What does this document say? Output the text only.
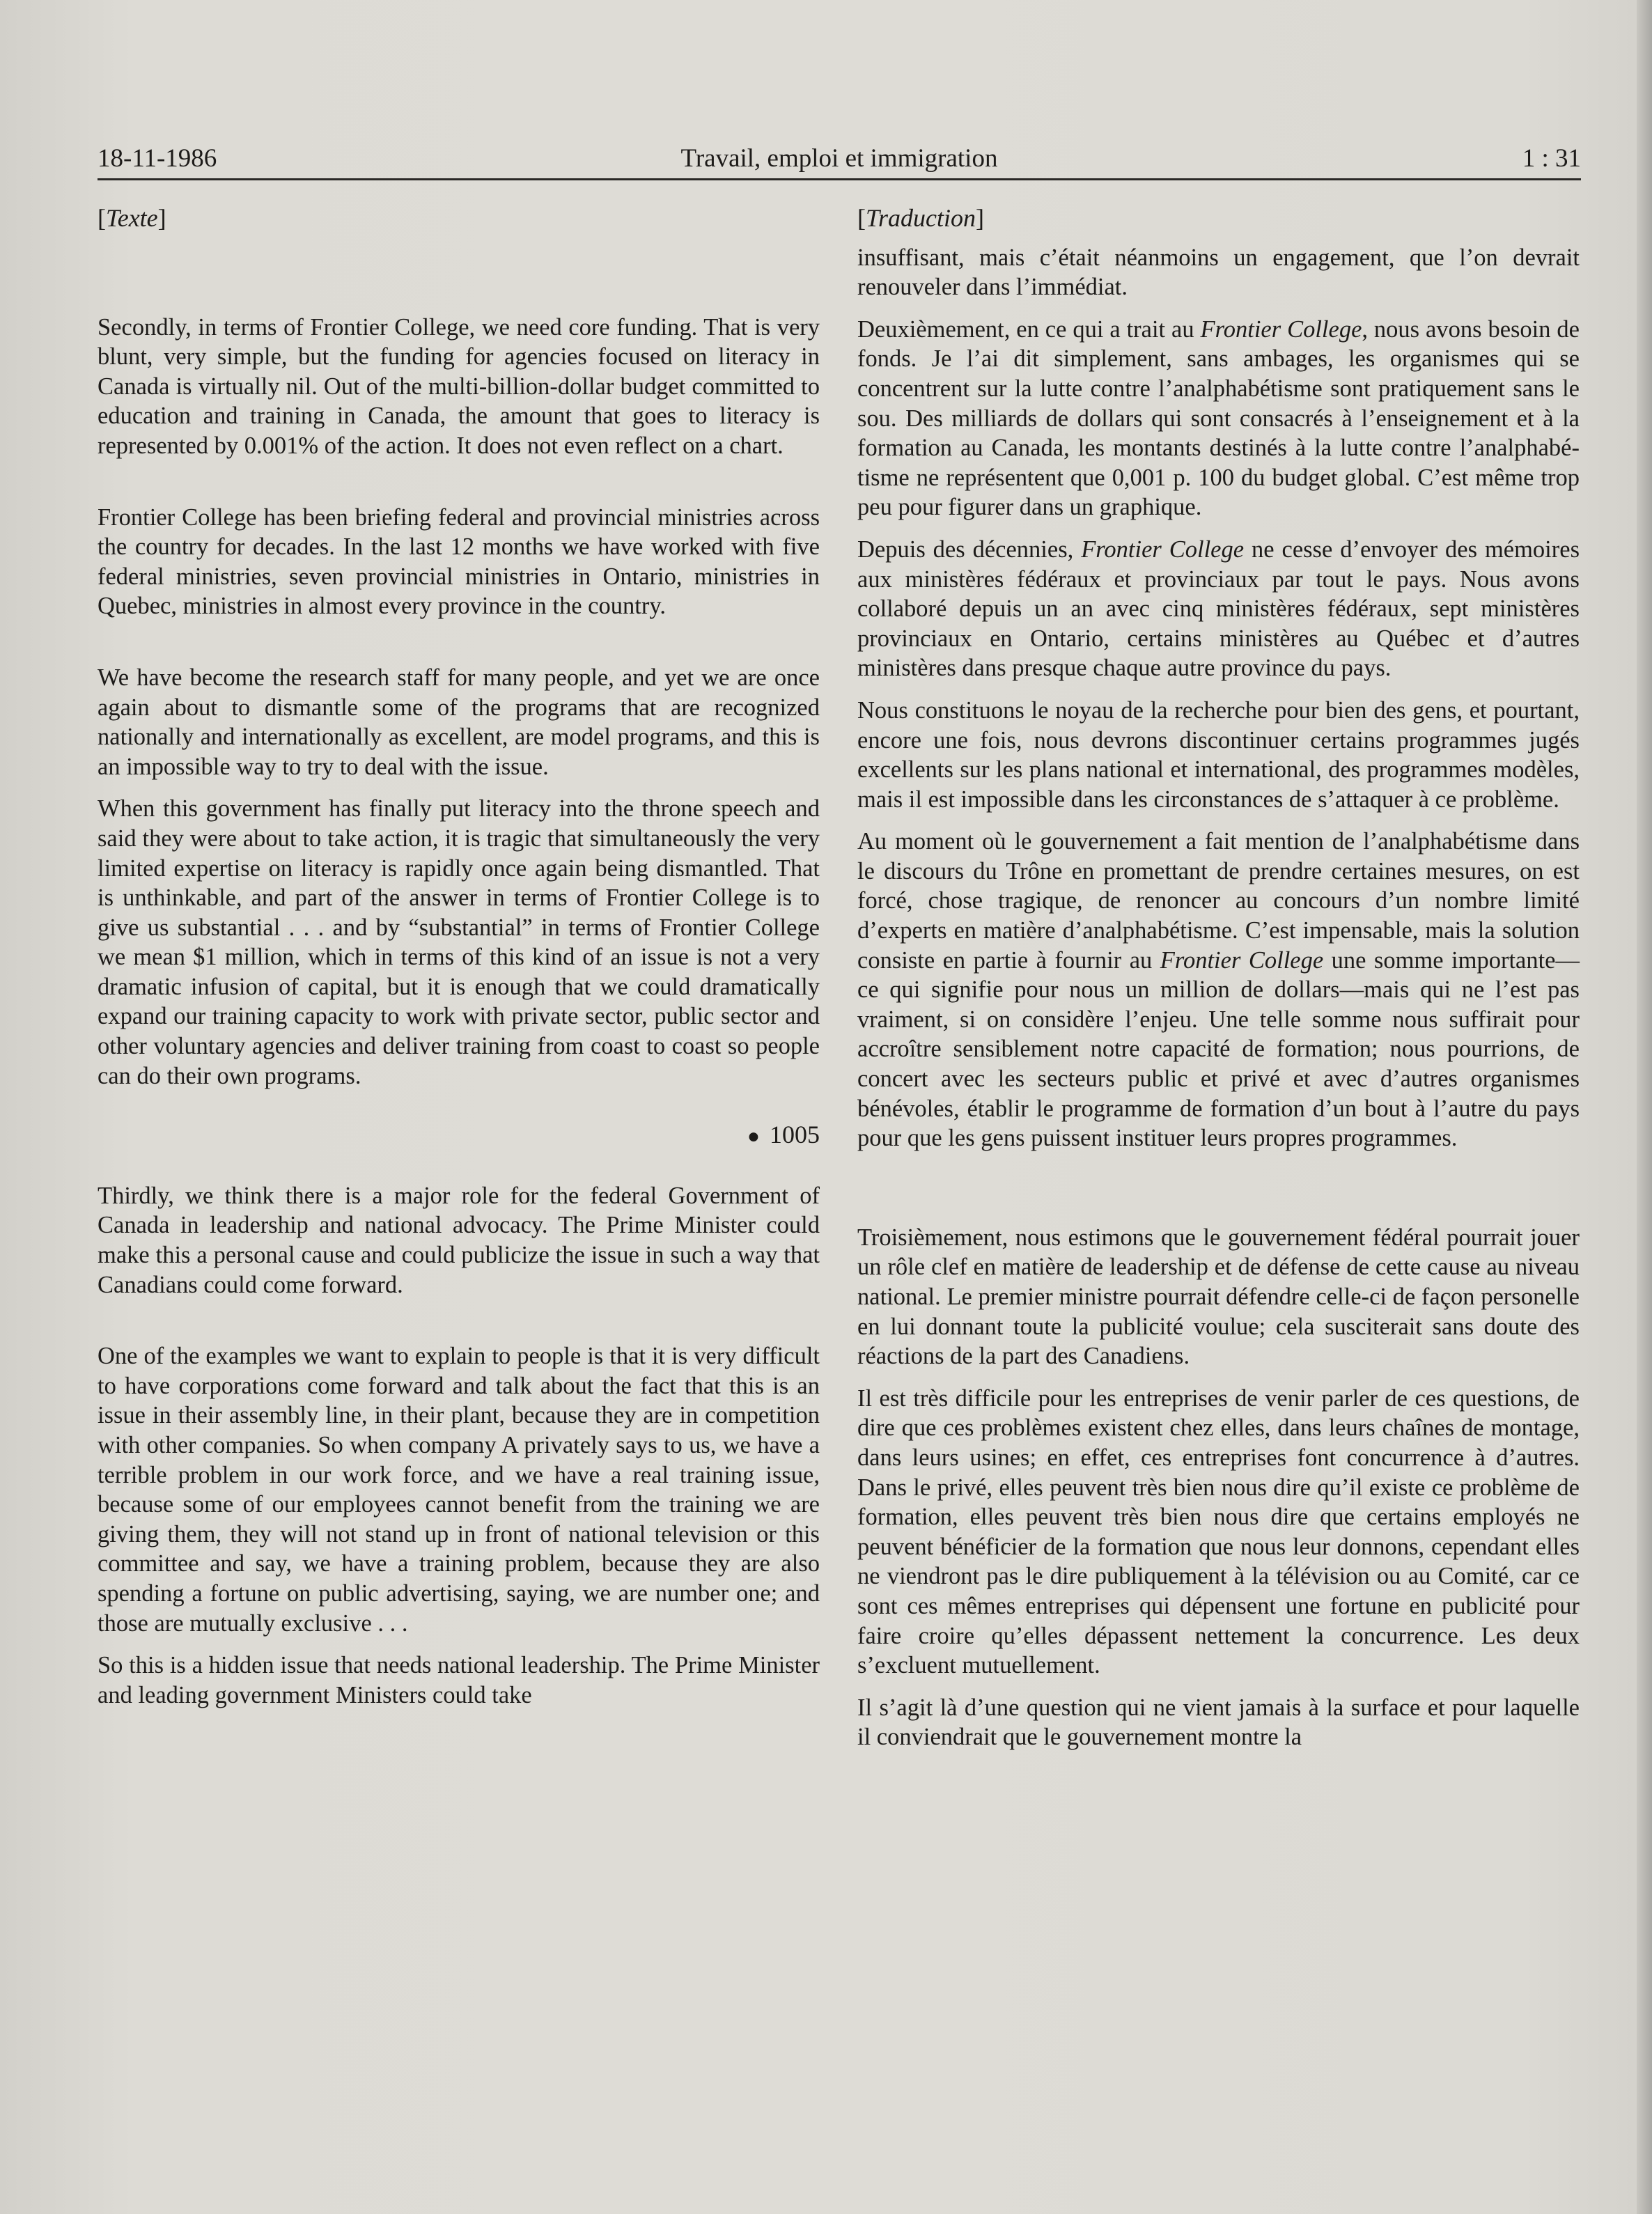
18-11-1986	Travail, emploi et immigration	1 : 31

[Texte]

Secondly, in terms of Frontier College, we need core funding. That is very blunt, very simple, but the funding for agencies focused on literacy in Canada is virtually nil. Out of the multi-billion-dollar budget committed to education and training in Canada, the amount that goes to literacy is represented by 0.001% of the action. It does not even reflect on a chart.

Frontier College has been briefing federal and provincial ministries across the country for decades. In the last 12 months we have worked with five federal ministries, seven provincial ministries in Ontario, ministries in Quebec, ministries in almost every province in the country.

We have become the research staff for many people, and yet we are once again about to dismantle some of the programs that are recognized nationally and internationally as excellent, are model programs, and this is an impossible way to try to deal with the issue.

When this government has finally put literacy into the throne speech and said they were about to take action, it is tragic that simultaneously the very limited expertise on literacy is rapidly once again being dismantled. That is unthinkable, and part of the answer in terms of Frontier College is to give us substantial . . . and by “substantial” in terms of Frontier College we mean $1 million, which in terms of this kind of an issue is not a very dramatic infusion of capital, but it is enough that we could dramatically expand our training capacity to work with private sector, public sector and other voluntary agencies and deliver training from coast to coast so people can do their own programs.

● 1005

Thirdly, we think there is a major role for the federal Government of Canada in leadership and national advocacy. The Prime Minister could make this a personal cause and could publicize the issue in such a way that Canadians could come forward.

One of the examples we want to explain to people is that it is very difficult to have corporations come forward and talk about the fact that this is an issue in their assembly line, in their plant, because they are in competition with other companies. So when company A privately says to us, we have a terrible problem in our work force, and we have a real training issue, because some of our employees cannot benefit from the training we are giving them, they will not stand up in front of national television or this committee and say, we have a training problem, because they are also spending a fortune on public advertising, saying, we are number one; and those are mutually exclusive . . .

So this is a hidden issue that needs national leadership. The Prime Minister and leading government Ministers could take

[Traduction]

insuffisant, mais c’était néanmoins un engagement, que l’on devrait renouveler dans l’immédiat.

Deuxièmement, en ce qui a trait au Frontier College, nous avons besoin de fonds. Je l’ai dit simplement, sans ambages, les organismes qui se concentrent sur la lutte contre l’analphabétisme sont pratiquement sans le sou. Des milliards de dollars qui sont consacrés à l’enseignement et à la formation au Canada, les montants destinés à la lutte contre l’analphabétisme ne représentent que 0,001 p. 100 du budget global. C’est même trop peu pour figurer dans un graphique.

Depuis des décennies, Frontier College ne cesse d’envoyer des mémoires aux ministères fédéraux et provinciaux par tout le pays. Nous avons collaboré depuis un an avec cinq ministères fédéraux, sept ministères provinciaux en Ontario, certains ministères au Québec et d’autres ministères dans presque chaque autre province du pays.

Nous constituons le noyau de la recherche pour bien des gens, et pourtant, encore une fois, nous devrons discontinuer certains programmes jugés excellents sur les plans national et international, des programmes modèles, mais il est impossible dans les circonstances de s’attaquer à ce problème.

Au moment où le gouvernement a fait mention de l’analphabétisme dans le discours du Trône en promettant de prendre certaines mesures, on est forcé, chose tragique, de renoncer au concours d’un nombre limité d’experts en matière d’analphabétisme. C’est impensable, mais la solution consiste en partie à fournir au Frontier College une somme importante—ce qui signifie pour nous un million de dollars—mais qui ne l’est pas vraiment, si on considère l’enjeu. Une telle somme nous suffirait pour accroître sensiblement notre capacité de formation; nous pourrions, de concert avec les secteurs public et privé et avec d’autres organismes bénévoles, établir le programme de formation d’un bout à l’autre du pays pour que les gens puissent instituer leurs propres programmes.

Troisièmement, nous estimons que le gouvernement fédéral pourrait jouer un rôle clef en matière de leadership et de défense de cette cause au niveau national. Le premier ministre pourrait défendre celle-ci de façon personelle en lui donnant toute la publicité voulue; cela susciterait sans doute des réactions de la part des Canadiens.

Il est très difficile pour les entreprises de venir parler de ces questions, de dire que ces problèmes existent chez elles, dans leurs chaînes de montage, dans leurs usines; en effet, ces entreprises font concurrence à d’autres. Dans le privé, elles peuvent très bien nous dire qu’il existe ce problème de formation, elles peuvent très bien nous dire que certains employés ne peuvent bénéficier de la formation que nous leur donnons, cependant elles ne viendront pas le dire publiquement à la télévision ou au Comité, car ce sont ces mêmes entreprises qui dépensent une fortune en publicité pour faire croire qu’elles dépassent nettement la concurrence. Les deux s’excluent mutuellement.

Il s’agit là d’une question qui ne vient jamais à la surface et pour laquelle il conviendrait que le gouvernement montre la
